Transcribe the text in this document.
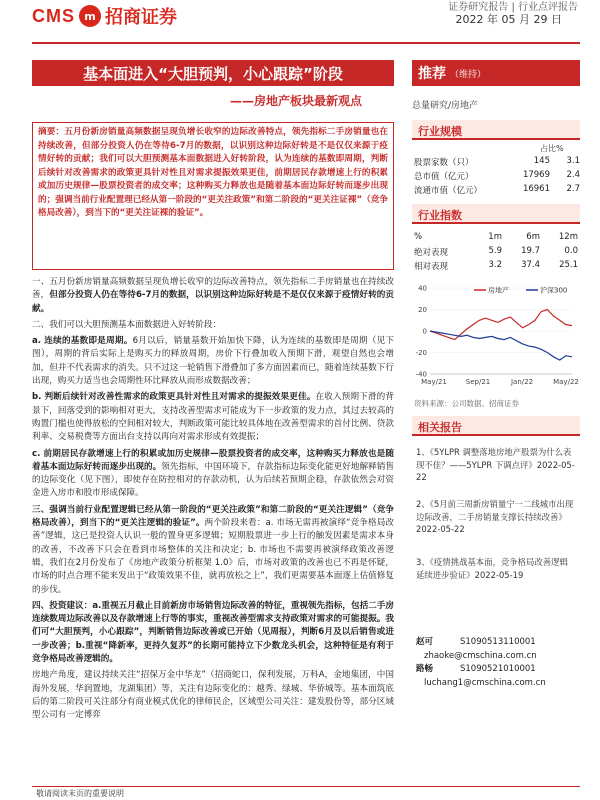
CMS m 招商证券	证券研究报告 | 行业点评报告
2022 年 05 月 29 日
基本面进入“大胆预判，小心跟踪”阶段
——房地产板块最新观点
推荐 （维持）
总量研究/房地产
摘要：五月份新房销量高频数据呈现负增长收窄的边际改善特点，领先指标二手房销量也在持续改善，但部分投资人仍在等待6-7月的数据，以识别这种边际好转是不是仅仅来源于疫情好转的贡献；我们可以大胆预测基本面数据进入好转阶段，认为连续的基数即周期，判断后续针对改善需求的政策更具针对性且对需求提振效果更佳，前期居民存款增速上行的积累或加历史规律—股票投资者的成交率；这种购买力释放也是随着基本面边际好转而逐步出现的；强调当前行业配置理已经从第一阶段的“更关注政策”和第二阶段的“更关注证裸”（竞争格局改善），到当下的“更关注证裸的验证”。

一、五月份新房销量高频数据呈现负增长收窄的边际改善特点，领先指标二手房销量也在持续改善，但部分投资人仍在等待6-7月的数据，以识别这种边际好转是不是仅仅来源于疫情好转的贡献。

二、我们可以大胆预测基本面数据进入好转阶段：

a. 连续的基数即是周期。6月以后，销量基数开始加快下降，认为连续的基数即是周期（见下图），周期的背后实际上是购买力的释放周期，房价下行叠加收入预期下滑，观望自然也会增加，但并不代表需求的消失。只不过这一轮销售下滑叠加了多方面因素而已，随着连续基数下行出现，购买力适当也会周期性环比释放从而形成数据改善；

b. 判断后续针对改善性需求的政策更具针对性且对需求的提振效果更佳。在收入预期下滑的背景下，回落受到的影响相对更大，支持改善型需求可能成为下一步政策的发力点，其过去较高的购置门槛也使得放松的空间相对较大，判断政策可能比较具体地在改善型需求的首付比例、贷款利率、交易税费等方面出台支持以再向对需求形成有效提振；

c. 前期居民存款增速上行的积累或加历史规律—股票投资者的成交率，这种购买力释放也是随着基本面边际好转而逐步出现的。领先指标，中国环境下，存款指标边际变化能更好地解释销售的边际变化（见下图），即使存在防控相对的存款动机，认为后续若预期企稳，存款依然会对资金进入房市和股市形成保障。

三、强调当前行业配置逻辑已经从第一阶段的“更关注政策”和第二阶段的“更关注逻辑”（竞争格局改善），到当下的“更关注逻辑的验证”。两个阶段来看：a. 市场无需再被演绎“竞争格局改善”逻辑，这已是投资人认识一般的置身更多逻辑；短期股票进一步上行的触发因素是需求本身的改善，不改善下只会在看到市场整体的关注和决定；b. 市场也不需要再被演绎政策改善逻辑，我们在2月份发布了《房地产政策分析框架 1.0》后，市场对政策的改善也已不再是怀疑，市场的时点合理不能来发出于“政策效果不佳，就再放松之上”，我们更需要基本面逐上估值修复的步伐。

四、投资建议：a.重视五月截止目前新房市场销售边际改善的特征，重视领先指标，包括二手房连续数周边际改善以及存款增速上行等的事实，重视改善型需求支持政策对需求的可能提振。我们可“大胆预判，小心跟踪”，判断销售边际改善或已开始（见周报），判断6月及以后销售或进一步改善；b.重视“降新率，更持久复苏”的长期可能持立下少数龙头机会，这种特征是有利于竞争格局改善逻辑的。

房地产角度，建议持续关注“招保万金中华龙”（招商蛇口，保利发展，万科A，金地集团，中国海外发展，华润置地，龙湖集团）等，关注有边际变化的：越秀、绿城、华侨城等。基本面筑底后的第二阶段可关注部分有商业模式优化的律师民企，区域型公司关注：建发股份等，部分区域型公司有一定博弈

行业规模
占比%
股票家数（只）	145	3.1
总市值（亿元）	17969	2.4
流通市值（亿元）	16961	2.7
行业指数
%	1m	6m	12m
绝对表现	5.9	19.7	0.0
相对表现	3.2	37.4	25.1
40
20
0
-20
-40
May/21	Sep/21	Jan/22	May/22
房地产	沪深300
资料来源：公司数据、招商证券
相关报告
1、《5YLPR 调整落地房地产股票为什么表现不佳？——5YLPR 下调点评》2022-05-22
2、《5月前三周新房销量宁一二线城市出现边际改善，二手房销量支撑长持续改善》2022-05-22
3、《疫情挑战基本面，竞争格局改善逻辑延续进步验证》2022-05-19
赵可	S1090513110001
zhaoke@cmschina.com.cn
路畅	S1090521010001
luchang1@cmschina.com.cn
敬请阅读末页的重要说明
